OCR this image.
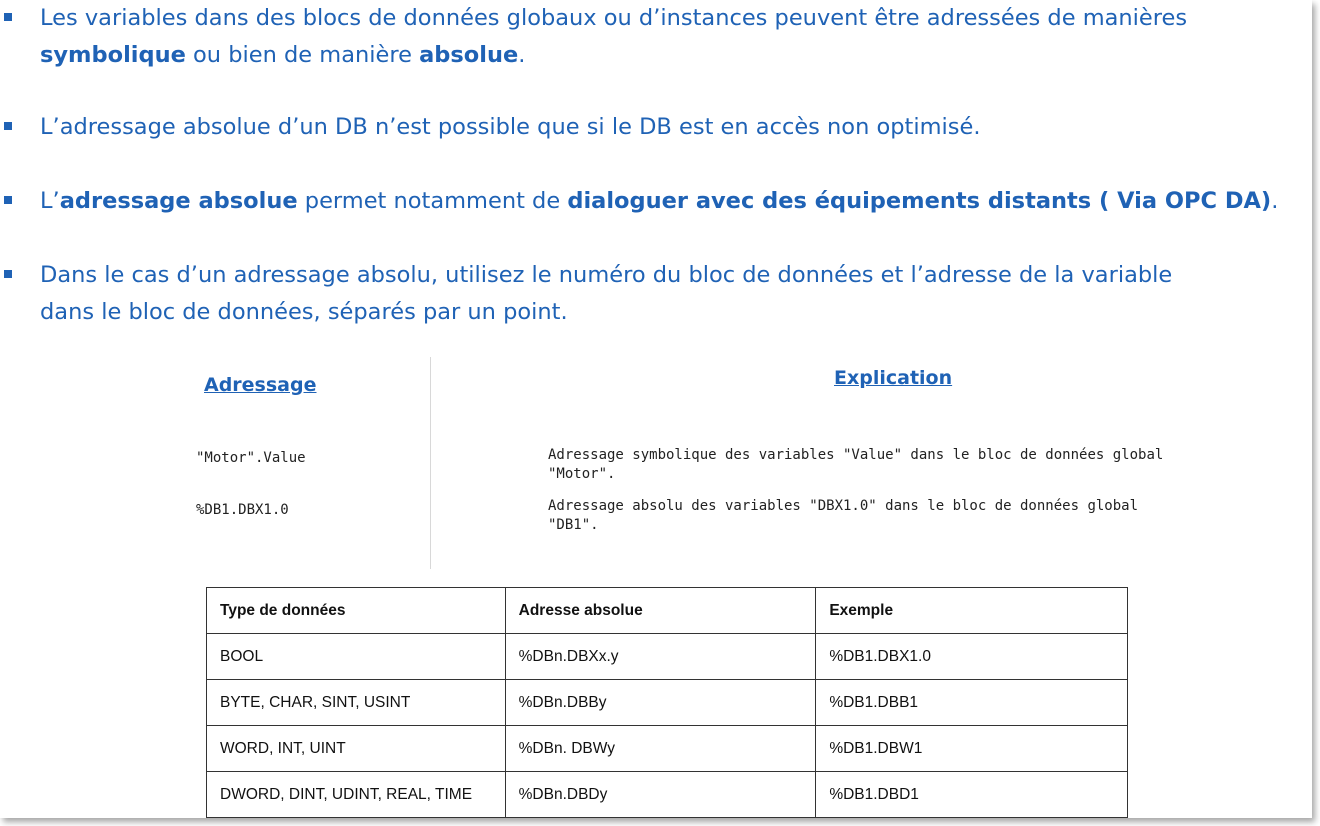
Les variables dans des blocs de données globaux ou d’instances peuvent être adressées de manières
symbolique ou bien de manière absolue.
L’adressage absolue d’un DB n’est possible que si le DB est en accès non optimisé.
L’adressage absolue permet notamment de dialoguer avec des équipements distants ( Via OPC DA).
Dans le cas d’un adressage absolu, utilisez le numéro du bloc de données et l’adresse de la variable
dans le bloc de données, séparés par un point.
Adressage	Explication
"Motor".Value	Adressage symbolique des variables "Value" dans le bloc de données global
"Motor".
%DB1.DBX1.0	Adressage absolu des variables "DBX1.0" dans le bloc de données global
"DB1".
Type de données	Adresse absolue	Exemple
BOOL	%DBn.DBXx.y	%DB1.DBX1.0
BYTE, CHAR, SINT, USINT	%DBn.DBBy	%DB1.DBB1
WORD, INT, UINT	%DBn. DBWy	%DB1.DBW1
DWORD, DINT, UDINT, REAL, TIME	%DBn.DBDy	%DB1.DBD1
